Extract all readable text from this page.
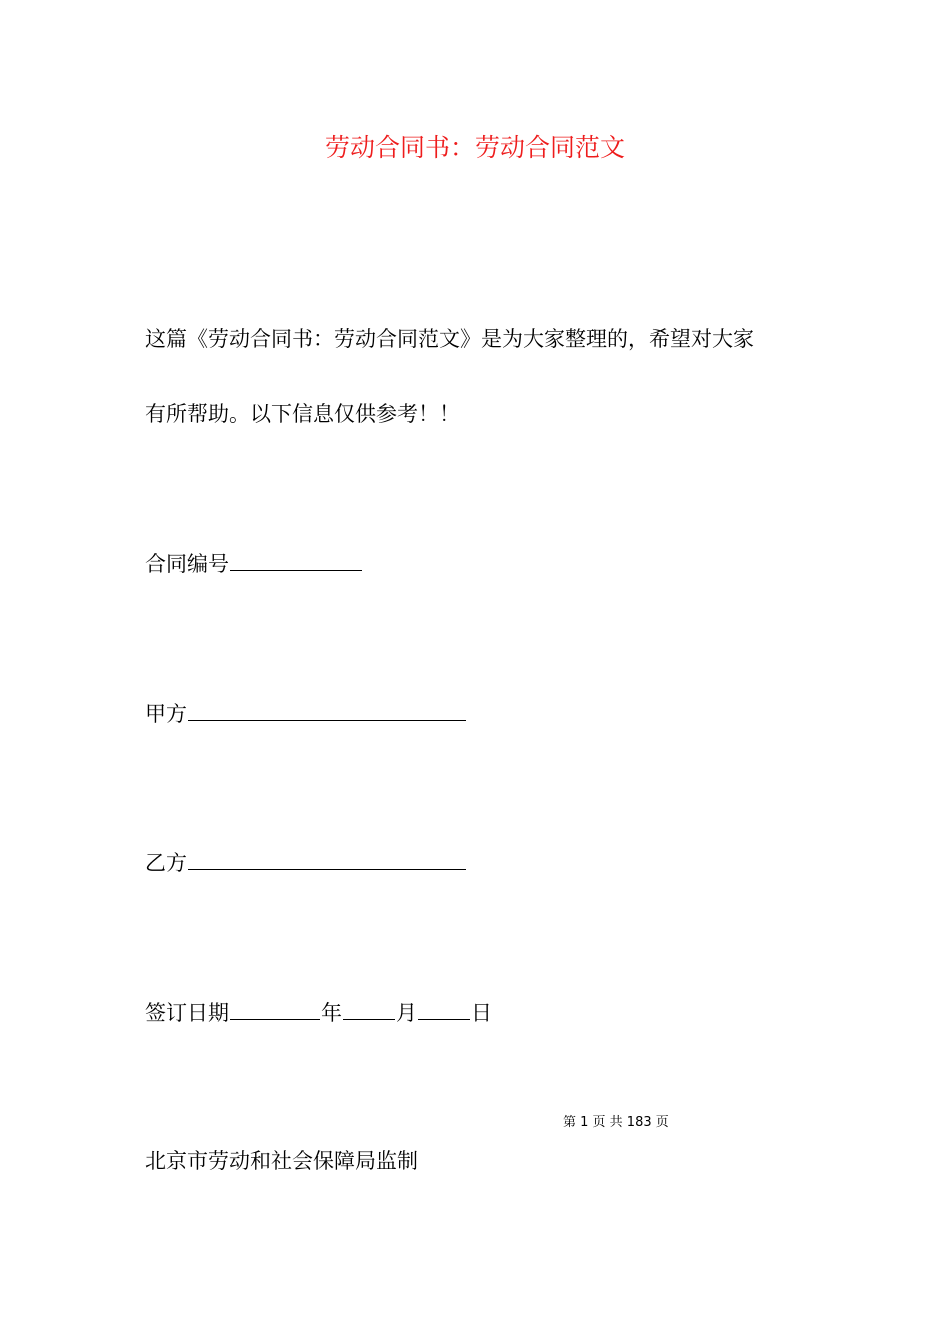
劳动合同书：劳动合同范文
这篇《劳动合同书：劳动合同范文》是为大家整理的，希望对大家
有所帮助。以下信息仅供参考！！
合同编号
甲方
乙方
签订日期	年	月	日
第 1 页 共 183 页
北京市劳动和社会保障局监制
